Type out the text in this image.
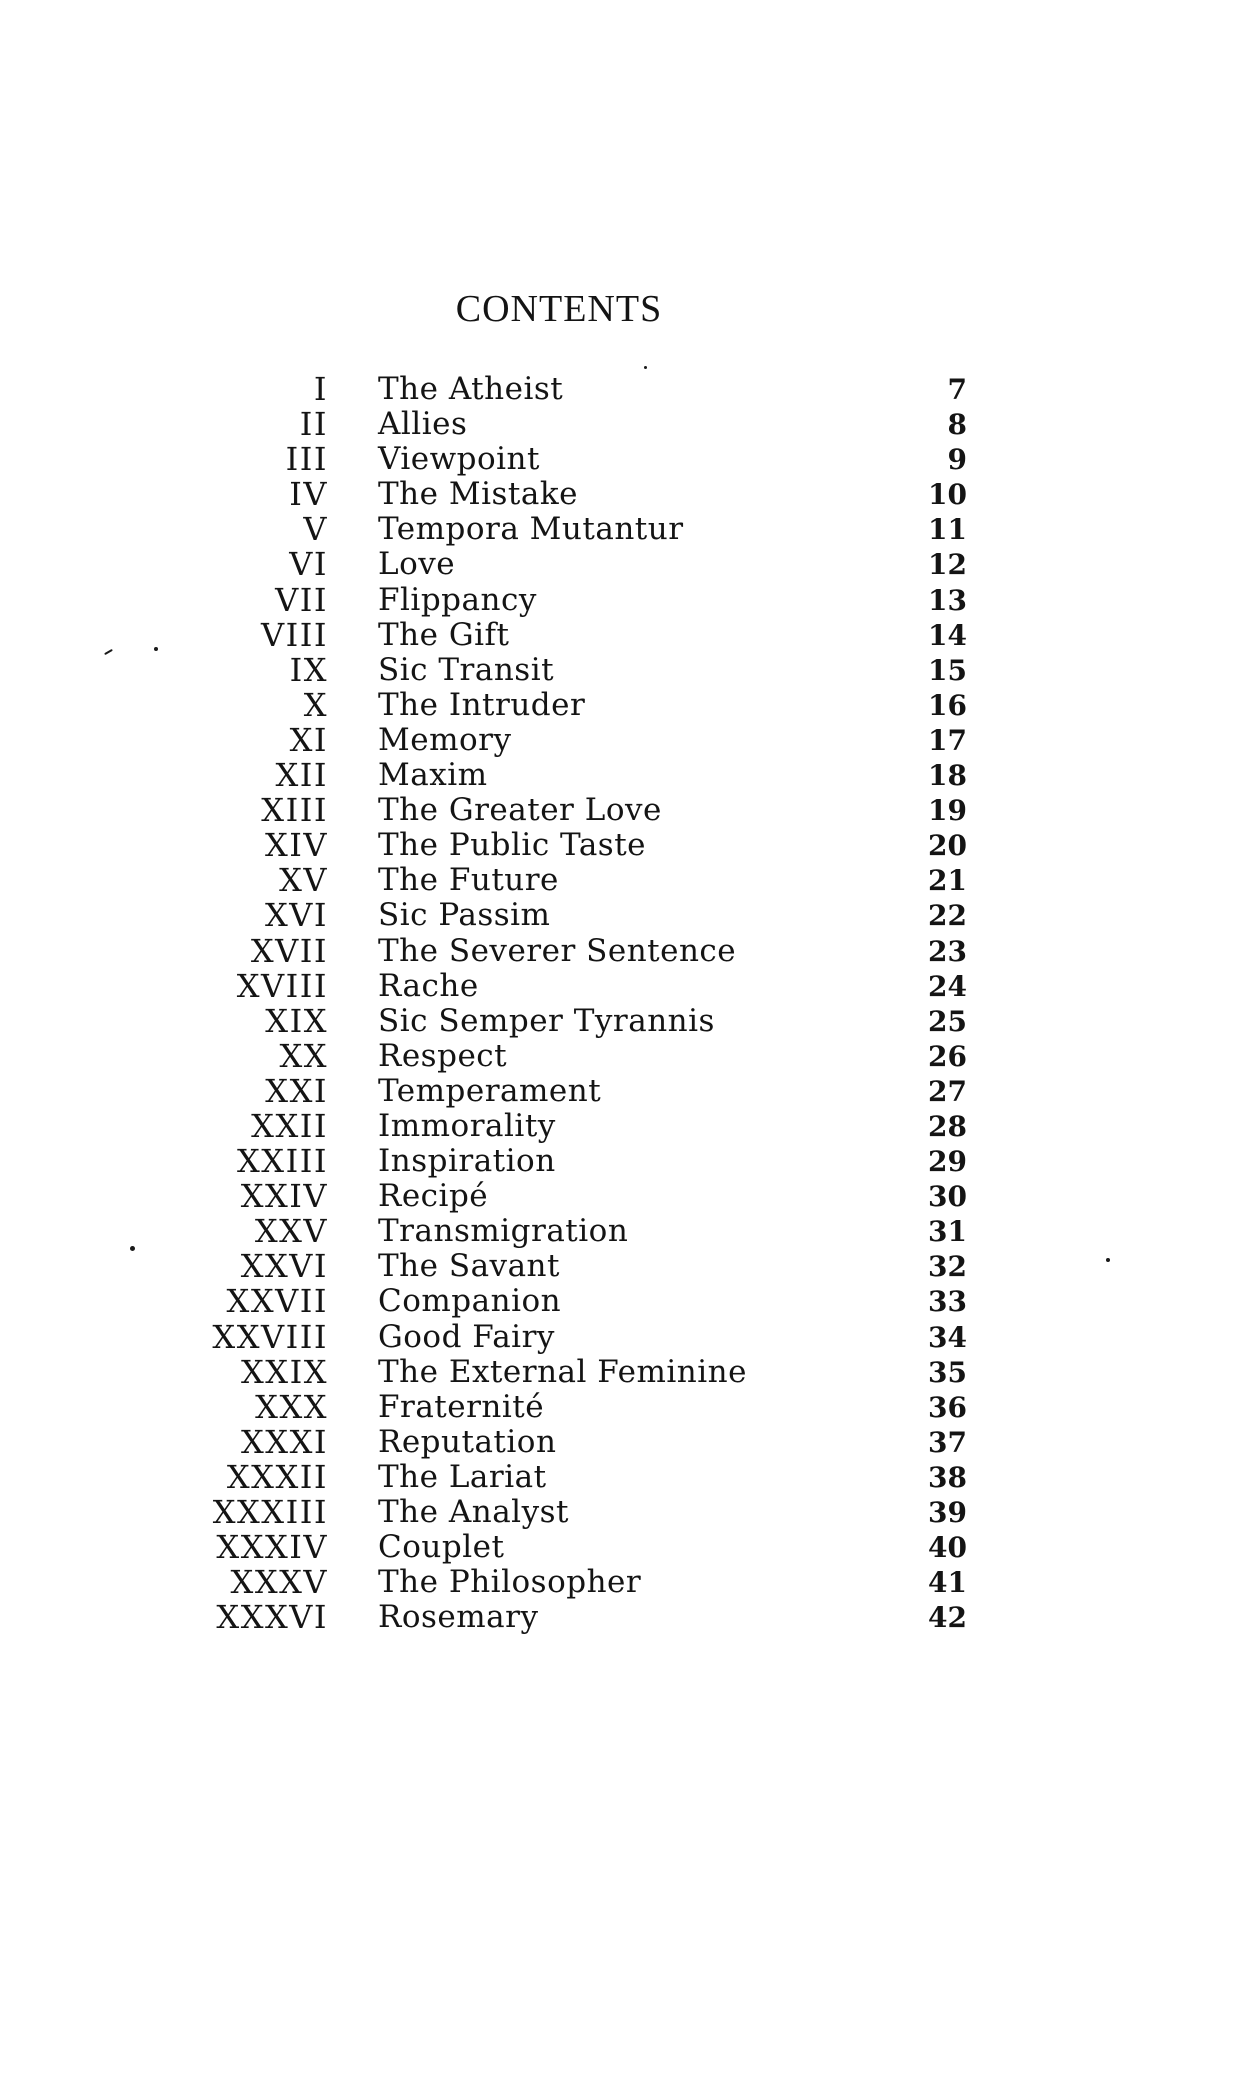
CONTENTS
I The Atheist	7
II Allies	8
III Viewpoint	9
IV The Mistake	10
V Tempora Mutantur	11
VI Love	12
VII Flippancy	13
VIII The Gift	14
IX Sic Transit	15
X The Intruder	16
XI Memory	17
XII Maxim	18
XIII The Greater Love	19
XIV The Public Taste	20
XV The Future	21
XVI Sic Passim	22
XVII The Severer Sentence	23
XVIII Rache	24
XIX Sic Semper Tyrannis	25
XX Respect	26
XXI Temperament	27
XXII Immorality	28
XXIII Inspiration	29
XXIV Recipé	30
XXV Transmigration	31
XXVI The Savant	32
XXVII Companion	33
XXVIII Good Fairy	34
XXIX The External Feminine	35
XXX Fraternité	36
XXXI Reputation	37
XXXII The Lariat	38
XXXIII The Analyst	39
XXXIV Couplet	40
XXXV The Philosopher	41
XXXVI Rosemary	42
